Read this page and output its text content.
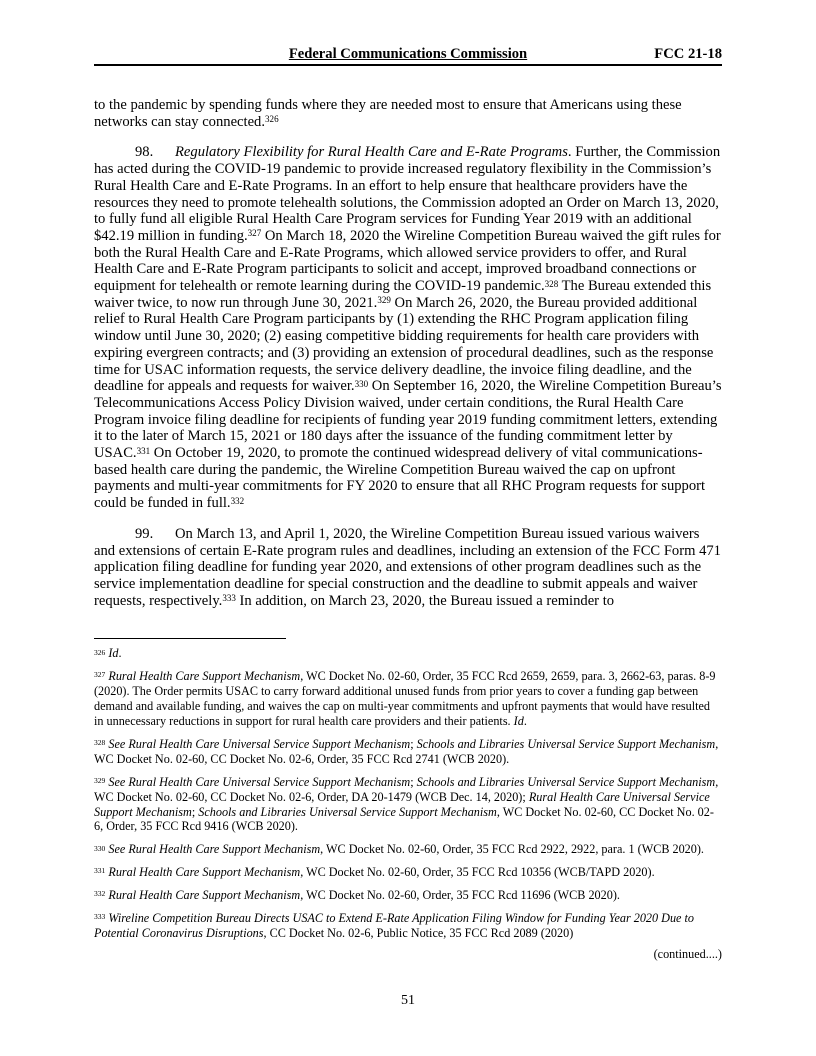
Federal Communications Commission	FCC 21-18

to the pandemic by spending funds where they are needed most to ensure that Americans using these networks can stay connected.$^{326}$

98. Regulatory Flexibility for Rural Health Care and E-Rate Programs. Further, the Commission has acted during the COVID-19 pandemic to provide increased regulatory flexibility in the Commission’s Rural Health Care and E-Rate Programs. In an effort to help ensure that healthcare providers have the resources they need to promote telehealth solutions, the Commission adopted an Order on March 13, 2020, to fully fund all eligible Rural Health Care Program services for Funding Year 2019 with an additional $42.19 million in funding.$^{327}$ On March 18, 2020 the Wireline Competition Bureau waived the gift rules for both the Rural Health Care and E-Rate Programs, which allowed service providers to offer, and Rural Health Care and E-Rate Program participants to solicit and accept, improved broadband connections or equipment for telehealth or remote learning during the COVID-19 pandemic.$^{328}$ The Bureau extended this waiver twice, to now run through June 30, 2021.$^{329}$ On March 26, 2020, the Bureau provided additional relief to Rural Health Care Program participants by (1) extending the RHC Program application filing window until June 30, 2020; (2) easing competitive bidding requirements for health care providers with expiring evergreen contracts; and (3) providing an extension of procedural deadlines, such as the response time for USAC information requests, the service delivery deadline, the invoice filing deadline, and the deadline for appeals and requests for waiver.$^{330}$ On September 16, 2020, the Wireline Competition Bureau’s Telecommunications Access Policy Division waived, under certain conditions, the Rural Health Care Program invoice filing deadline for recipients of funding year 2019 funding commitment letters, extending it to the later of March 15, 2021 or 180 days after the issuance of the funding commitment letter by USAC.$^{331}$ On October 19, 2020, to promote the continued widespread delivery of vital communications-based health care during the pandemic, the Wireline Competition Bureau waived the cap on upfront payments and multi-year commitments for FY 2020 to ensure that all RHC Program requests for support could be funded in full.$^{332}$

99. On March 13, and April 1, 2020, the Wireline Competition Bureau issued various waivers and extensions of certain E-Rate program rules and deadlines, including an extension of the FCC Form 471 application filing deadline for funding year 2020, and extensions of other program deadlines such as the service implementation deadline for special construction and the deadline to submit appeals and waiver requests, respectively.$^{333}$ In addition, on March 23, 2020, the Bureau issued a reminder to

$^{326}$ Id.
$^{327}$ Rural Health Care Support Mechanism, WC Docket No. 02-60, Order, 35 FCC Rcd 2659, 2659, para. 3, 2662-63, paras. 8-9 (2020). The Order permits USAC to carry forward additional unused funds from prior years to cover a funding gap between demand and available funding, and waives the cap on multi-year commitments and upfront payments that would have resulted in unnecessary reductions in support for rural health care providers and their patients. Id.
$^{328}$ See Rural Health Care Universal Service Support Mechanism; Schools and Libraries Universal Service Support Mechanism, WC Docket No. 02-60, CC Docket No. 02-6, Order, 35 FCC Rcd 2741 (WCB 2020).
$^{329}$ See Rural Health Care Universal Service Support Mechanism; Schools and Libraries Universal Service Support Mechanism, WC Docket No. 02-60, CC Docket No. 02-6, Order, DA 20-1479 (WCB Dec. 14, 2020); Rural Health Care Universal Service Support Mechanism; Schools and Libraries Universal Service Support Mechanism, WC Docket No. 02-60, CC Docket No. 02-6, Order, 35 FCC Rcd 9416 (WCB 2020).
$^{330}$ See Rural Health Care Support Mechanism, WC Docket No. 02-60, Order, 35 FCC Rcd 2922, 2922, para. 1 (WCB 2020).
$^{331}$ Rural Health Care Support Mechanism, WC Docket No. 02-60, Order, 35 FCC Rcd 10356 (WCB/TAPD 2020).
$^{332}$ Rural Health Care Support Mechanism, WC Docket No. 02-60, Order, 35 FCC Rcd 11696 (WCB 2020).
$^{333}$ Wireline Competition Bureau Directs USAC to Extend E-Rate Application Filing Window for Funding Year 2020 Due to Potential Coronavirus Disruptions, CC Docket No. 02-6, Public Notice, 35 FCC Rcd 2089 (2020)
(continued....)
51
